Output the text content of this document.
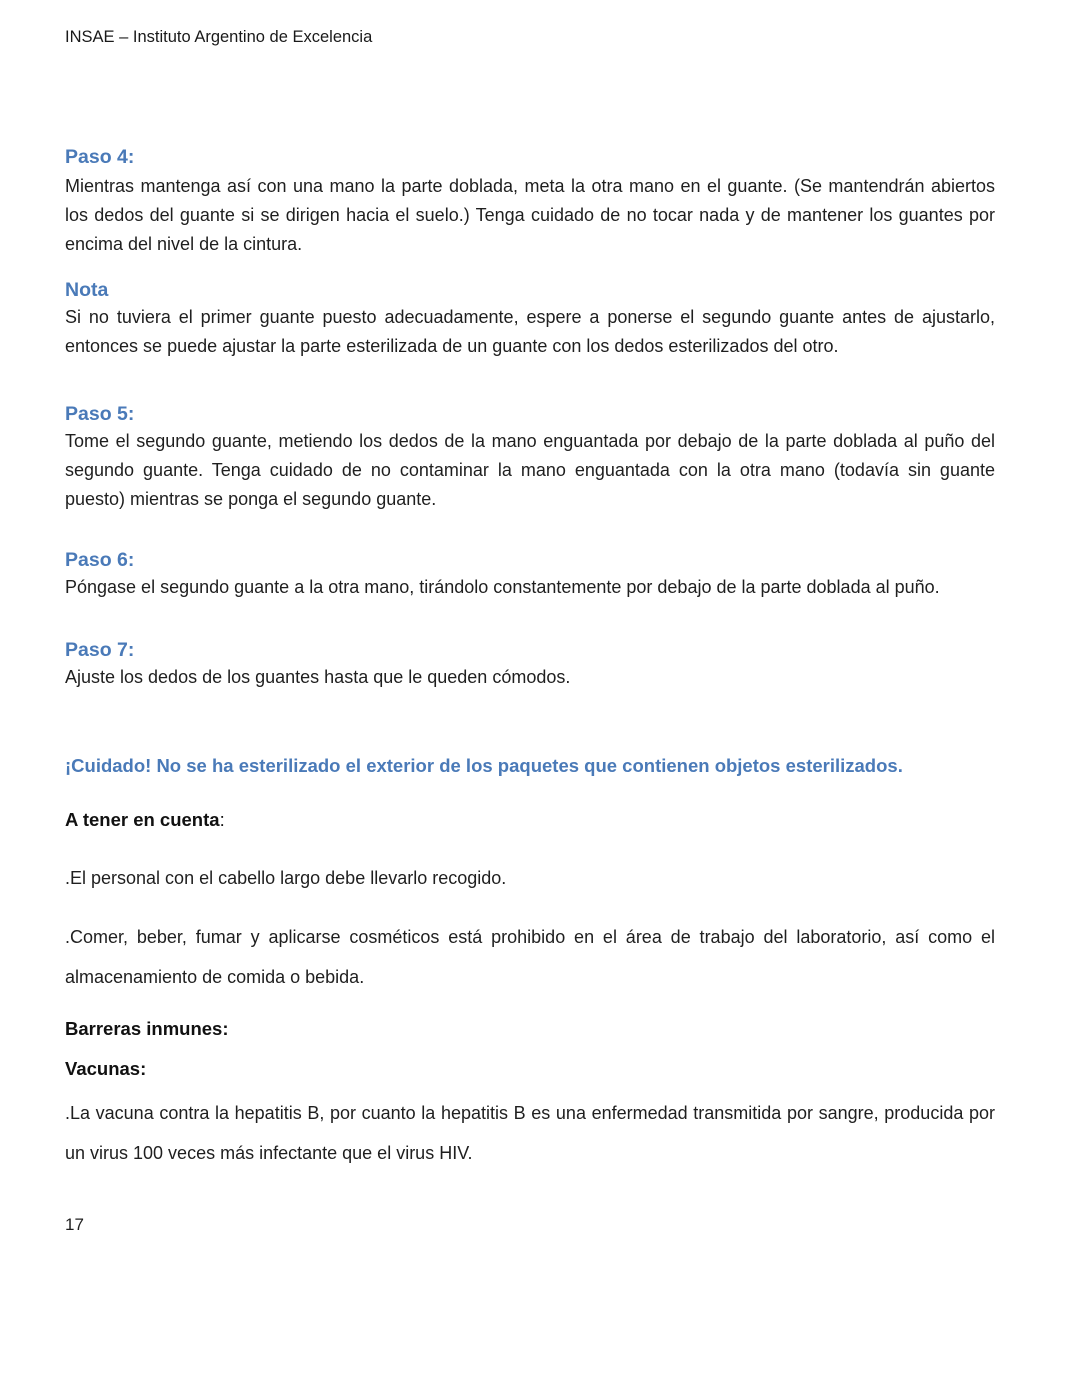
INSAE – Instituto Argentino de Excelencia
Paso 4:

Mientras mantenga así con una mano la parte doblada, meta la otra mano en el guante. (Se mantendrán abiertos los dedos del guante si se dirigen hacia el suelo.) Tenga cuidado de no tocar nada y de mantener los guantes por encima del nivel de la cintura.

Nota

Si no tuviera el primer guante puesto adecuadamente, espere a ponerse el segundo guante antes de ajustarlo, entonces se puede ajustar la parte esterilizada de un guante con los dedos esterilizados del otro.

Paso 5:

Tome el segundo guante, metiendo los dedos de la mano enguantada por debajo de la parte doblada al puño del segundo guante. Tenga cuidado de no contaminar la mano enguantada con la otra mano (todavía sin guante puesto) mientras se ponga el segundo guante.

Paso 6:

Póngase el segundo guante a la otra mano, tirándolo constantemente por debajo de la parte doblada al puño.

Paso 7:

Ajuste los dedos de los guantes hasta que le queden cómodos.

¡Cuidado! No se ha esterilizado el exterior de los paquetes que contienen objetos esterilizados.
A tener en cuenta:

.El personal con el cabello largo debe llevarlo recogido.

.Comer, beber, fumar y aplicarse cosméticos está prohibido en el área de trabajo del laboratorio, así como el almacenamiento de comida o bebida.

Barreras inmunes:
Vacunas:

.La vacuna contra la hepatitis B, por cuanto la hepatitis B es una enfermedad transmitida por sangre, producida por un virus 100 veces más infectante que el virus HIV.

17
